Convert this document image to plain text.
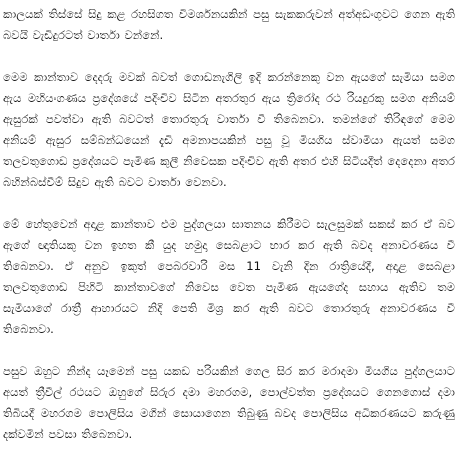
කාලයක් තිස්සේ සිදු කළ රහසිගත විමර්ශනයකින් පසු සැකකරුවන් අත්අඩංගුවට ගෙන ඇති බවයි වැඩිදුරටත් වාර්තා වන්නේ.

මෙම කාන්තාව දෙදරු මවක් බවත් ගොඩනැගිලි ඉදි කරන්නෙකු වන ඇයගේ සැමියා සමග ඇය මහියංගණය ප්‍රදේශයේ පදිංචිව සිටින අතරතුර ඇය ත්‍රිරෝද රථ රියදුරකු සමග අනියම් ඇසුරක් පවත්වා ඇති බවටත් තොරතුරු වාර්තා වී තිබෙනවා. තමන්ගේ තිරිඳගේ මෙම අනියම් ඇසුර සම්බන්ධයෙන් දැඩි අමනාපයකින් පසු වූ මියගිය ස්වාමියා ඇයත් සමග තලවතුගොඩ ප්‍රදේශයට පැමිණ කුලී නිවෙසක පදිංචිව ඇති අතර එහි සිටියදීත් දෙදෙනා අතර බහින්බස්වීම් සිදුව ඇති බවට වාර්තා වෙනවා.

මේ හේතුවෙන් අදාළ කාන්තාව එම පුද්ගලයා ඝාතනය කිරීමට සැලසුමක් සකස් කර ඒ බව ඇගේ ඥාතියකු වන ඉහත කී යුද හමුදා සෙබළාට භාර කර ඇති බවද අනාවරණය වී තිබෙනවා. ඒ අනුව ඉකුත් පෙබරවාරි මස 11 වැනි දින රාත්‍රියේදී, අදාළ සෙබළා තලවතුගොඩ පිහිටි කාන්තාවගේ නිවෙස වෙත පැමිණ ඇයගේද සහාය ඇතිව තම සැමියාගේ රාත්‍රී ආහාරයට නිදි පෙති මිශ්‍ර කර ඇති බවට තොරතුරු අනාවරණය වී තිබෙනවා.

පසුව ඔහුට නින්ද යෑමෙන් පසු යකඩ පරියකින් ගෙල සිර කර මරාදමා මියගිය පුද්ගලයාට අයත් ත්‍රීවීල් රථයට ඔහුගේ සිරුර දමා මහරගම, පොල්වත්ත ප්‍රදේශයට ගෙනගොස් දමා තිබියදී මහරගම පොලිසිය මගින් සොයාගෙන තිබුණු බවද පොලිසිය අධිකරණයට කරුණු දක්වමින් පවසා තිබෙනවා.
